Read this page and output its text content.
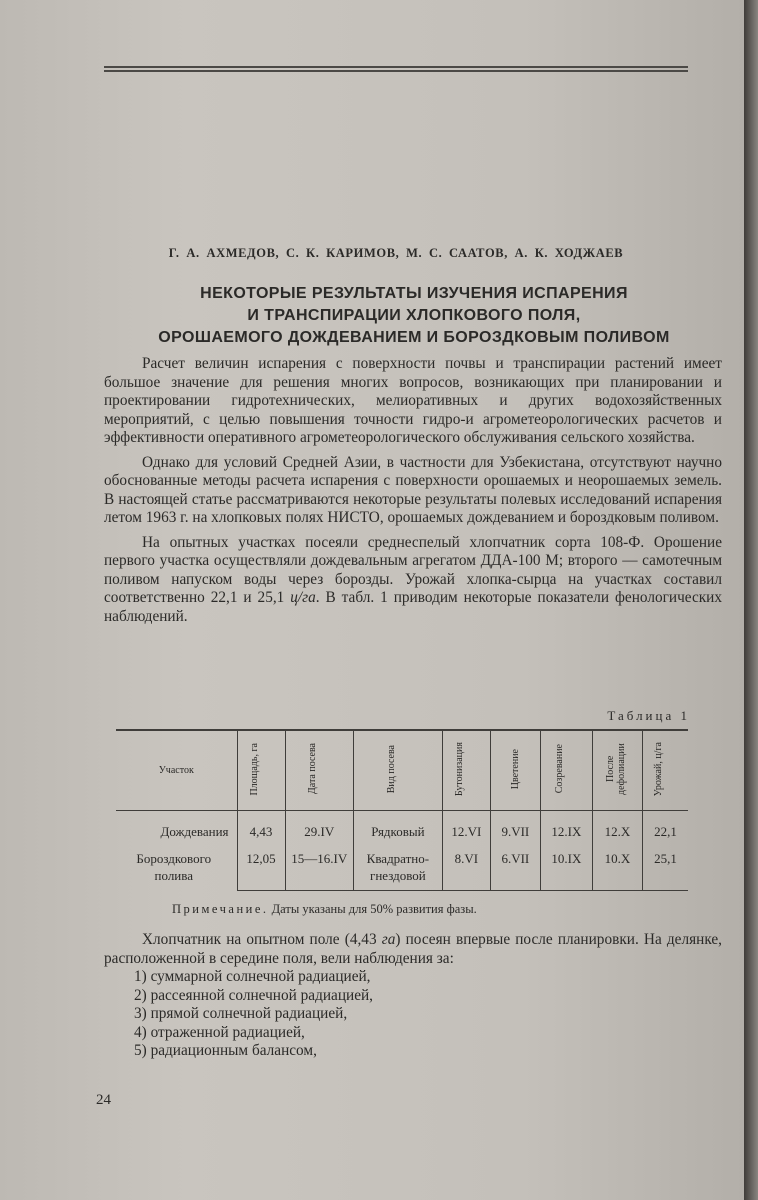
Г. А. АХМЕДОВ, С. К. КАРИМОВ, М. С. СААТОВ, А. К. ХОДЖАЕВ
НЕКОТОРЫЕ РЕЗУЛЬТАТЫ ИЗУЧЕНИЯ ИСПАРЕНИЯ
И ТРАНСПИРАЦИИ ХЛОПКОВОГО ПОЛЯ,
ОРОШАЕМОГО ДОЖДЕВАНИЕМ И БОРОЗДКОВЫМ ПОЛИВОМ

Расчет величин испарения с поверхности почвы и транспирации растений имеет большое значение для решения многих вопросов, возникающих при планировании и проектировании гидротехнических, мелиоративных и других водохозяйственных мероприятий, с целью повышения точности гидро-и агрометеорологических расчетов и эффективности оперативного агрометеорологического обслуживания сельского хозяйства.

Однако для условий Средней Азии, в частности для Узбекистана, отсутствуют научно обоснованные методы расчета испарения с поверхности орошаемых и неорошаемых земель. В настоящей статье рассматриваются некоторые результаты полевых исследований испарения летом 1963 г. на хлопковых полях НИСТО, орошаемых дождеванием и бороздковым поливом.

На опытных участках посеяли среднеспелый хлопчатник сорта 108-Ф. Орошение первого участка осуществляли дождевальным агрегатом ДДА-100 М; второго — самотечным поливом напуском воды через борозды. Урожай хлопка-сырца на участках составил соответственно 22,1 и 25,1 ц/га. В табл. 1 приводим некоторые показатели фенологических наблюдений.

Таблица 1
Участок	Площадь, га	Дата посева	Вид посева	Бутонизация	Цветение	Созревание	После дефолиации	Урожай, ц/га
Дождевания	4,43	29.IV	Рядковый	12.VI	9.VII	12.IX	12.X	22,1
Бороздкового полива	12,05	15—16.IV	Квадратно-гнездовой	8.VI	6.VII	10.IX	10.X	25,1
Примечание. Даты указаны для 50% развития фазы.

Хлопчатник на опытном поле (4,43 га) посеян впервые после планировки. На делянке, расположенной в середине поля, вели наблюдения за:

1) суммарной солнечной радиацией,
2) рассеянной солнечной радиацией,
3) прямой солнечной радиацией,
4) отраженной радиацией,
5) радиационным балансом,
24
